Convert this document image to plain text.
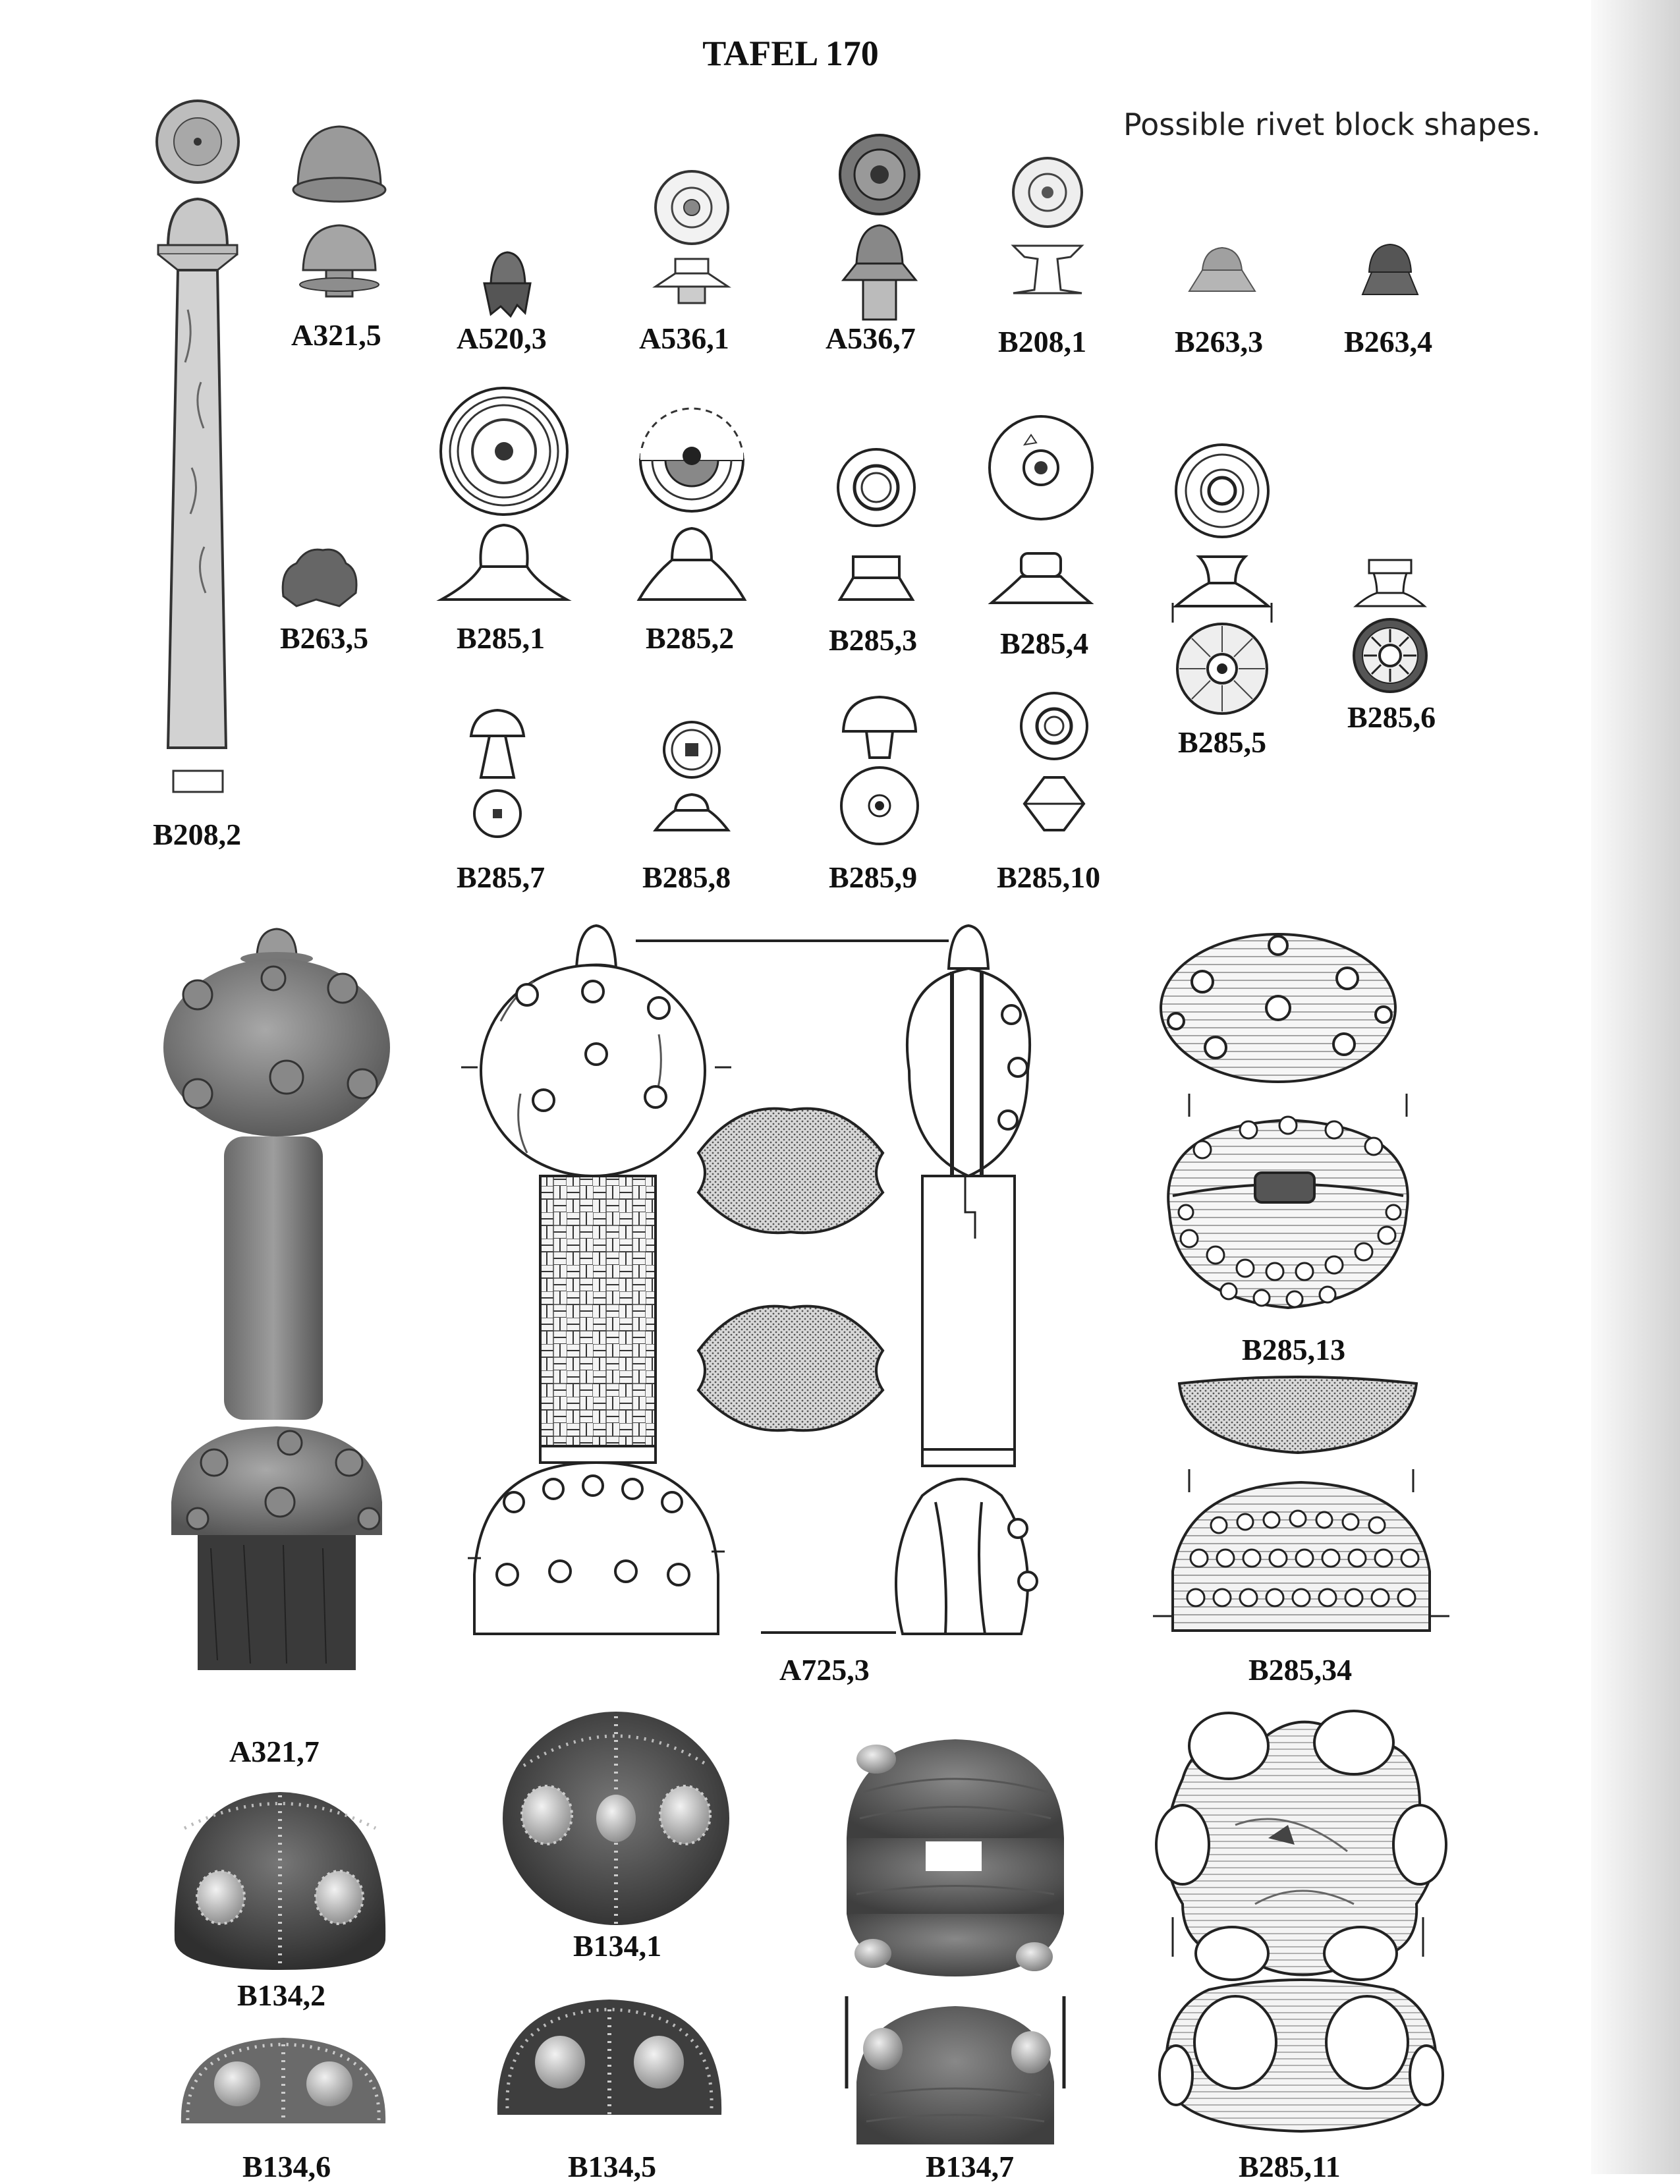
TAFEL 170
Possible rivet block shapes.
B208,2
A321,5 A520,3	A536,1	A536,7	B208,1	B263,3	B263,4
B263,5	B285,1	B285,2	B285,3	B285,4
B285,5
B285,6
B285,7	B285,8	B285,9	B285,10
A321,7
A725,3
B285,13
B285,34
B134,1
B134,2
B134,6	B134,5	B134,7	B285,11
